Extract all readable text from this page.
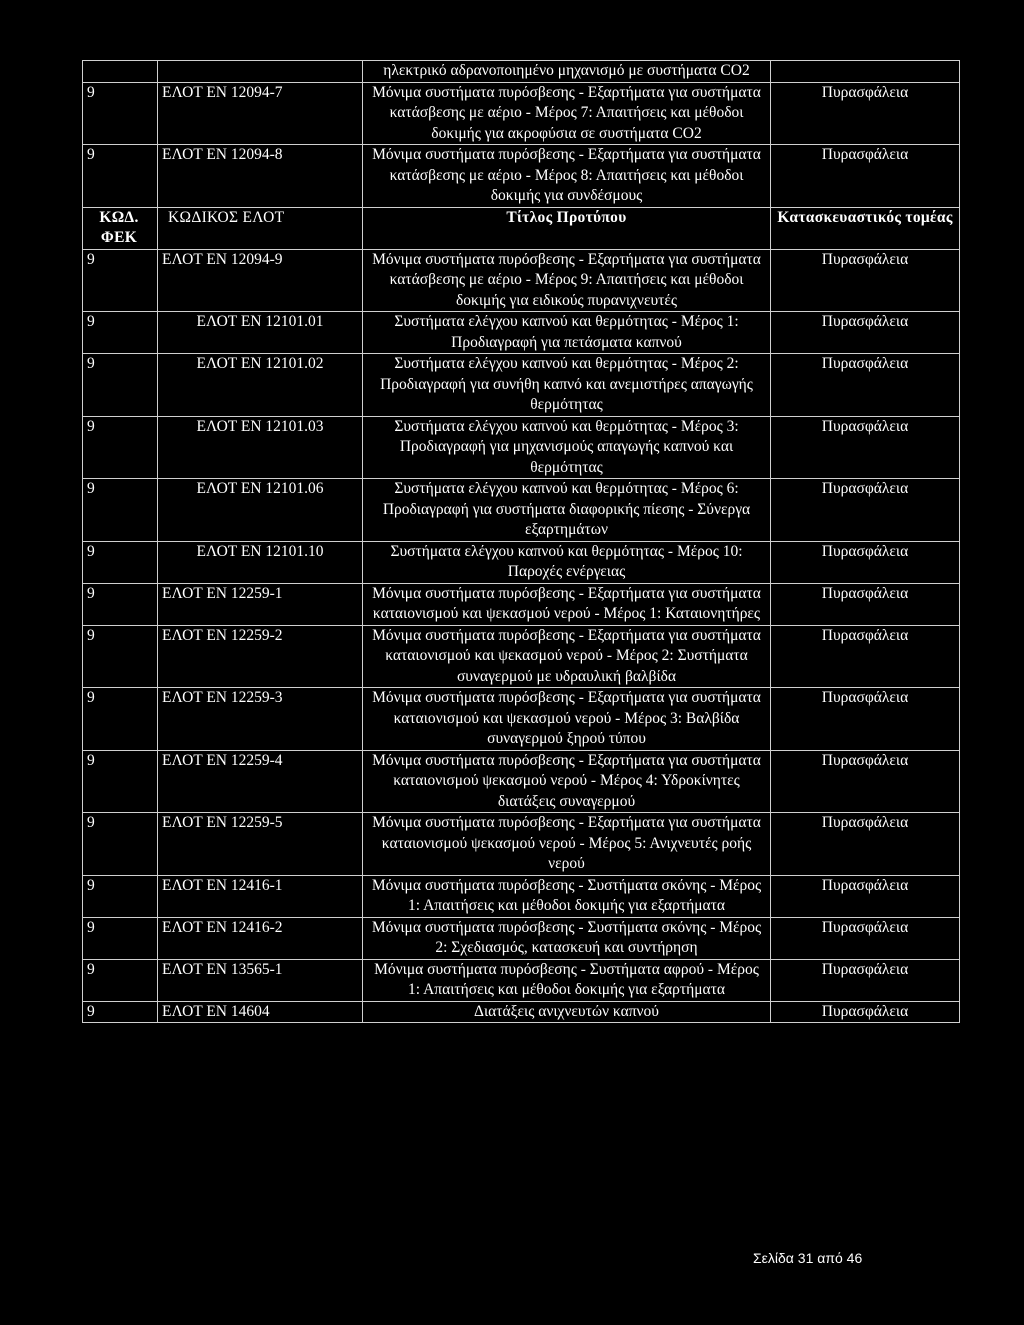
		ηλεκτρικό αδρανοποιημένο μηχανισμό με συστήματα CO2	
9	ΕΛΟΤ ΕΝ 12094-7	Μόνιμα συστήματα πυρόσβεσης - Εξαρτήματα για συστήματα κατάσβεσης με αέριο - Μέρος 7: Απαιτήσεις και μέθοδοι δοκιμής για ακροφύσια σε συστήματα CO2	Πυρασφάλεια
9	ΕΛΟΤ ΕΝ 12094-8	Μόνιμα συστήματα πυρόσβεσης - Εξαρτήματα για συστήματα κατάσβεσης με αέριο - Μέρος 8: Απαιτήσεις και μέθοδοι δοκιμής για συνδέσμους	Πυρασφάλεια
ΚΩΔ. ΦΕΚ	ΚΩΔΙΚΟΣ ΕΛΟΤ	Τίτλος Προτύπου	Κατασκευαστικός τομέας
9	ΕΛΟΤ ΕΝ 12094-9	Μόνιμα συστήματα πυρόσβεσης - Εξαρτήματα για συστήματα κατάσβεσης με αέριο - Μέρος 9: Απαιτήσεις και μέθοδοι δοκιμής για ειδικούς πυρανιχνευτές	Πυρασφάλεια
9	ΕΛΟΤ ΕΝ 12101.01	Συστήματα ελέγχου καπνού και θερμότητας - Μέρος 1: Προδιαγραφή για πετάσματα καπνού	Πυρασφάλεια
9	ΕΛΟΤ ΕΝ 12101.02	Συστήματα ελέγχου καπνού και θερμότητας - Μέρος 2: Προδιαγραφή για συνήθη καπνό και ανεμιστήρες απαγωγής θερμότητας	Πυρασφάλεια
9	ΕΛΟΤ ΕΝ 12101.03	Συστήματα ελέγχου καπνού και θερμότητας - Μέρος 3: Προδιαγραφή για μηχανισμούς απαγωγής καπνού και θερμότητας	Πυρασφάλεια
9	ΕΛΟΤ ΕΝ 12101.06	Συστήματα ελέγχου καπνού και θερμότητας - Μέρος 6: Προδιαγραφή για συστήματα διαφορικής πίεσης - Σύνεργα εξαρτημάτων	Πυρασφάλεια
9	ΕΛΟΤ ΕΝ 12101.10	Συστήματα ελέγχου καπνού και θερμότητας - Μέρος 10: Παροχές ενέργειας	Πυρασφάλεια
9	ΕΛΟΤ ΕΝ 12259-1	Μόνιμα συστήματα πυρόσβεσης - Εξαρτήματα για συστήματα καταιονισμού και ψεκασμού νερού - Μέρος 1: Καταιονητήρες	Πυρασφάλεια
9	ΕΛΟΤ ΕΝ 12259-2	Μόνιμα συστήματα πυρόσβεσης - Εξαρτήματα για συστήματα καταιονισμού και ψεκασμού νερού - Μέρος 2: Συστήματα συναγερμού με υδραυλική βαλβίδα	Πυρασφάλεια
9	ΕΛΟΤ ΕΝ 12259-3	Μόνιμα συστήματα πυρόσβεσης - Εξαρτήματα για συστήματα καταιονισμού και ψεκασμού νερού - Μέρος 3: Βαλβίδα συναγερμού ξηρού τύπου	Πυρασφάλεια
9	ΕΛΟΤ ΕΝ 12259-4	Μόνιμα συστήματα πυρόσβεσης - Εξαρτήματα για συστήματα καταιονισμού ψεκασμού νερού - Μέρος 4: Υδροκίνητες διατάξεις συναγερμού	Πυρασφάλεια
9	ΕΛΟΤ ΕΝ 12259-5	Μόνιμα συστήματα πυρόσβεσης - Εξαρτήματα για συστήματα καταιονισμού ψεκασμού νερού - Μέρος 5: Ανιχνευτές ροής νερού	Πυρασφάλεια
9	ΕΛΟΤ ΕΝ 12416-1	Μόνιμα συστήματα πυρόσβεσης - Συστήματα σκόνης - Μέρος 1: Απαιτήσεις και μέθοδοι δοκιμής για εξαρτήματα	Πυρασφάλεια
9	ΕΛΟΤ ΕΝ 12416-2	Μόνιμα συστήματα πυρόσβεσης - Συστήματα σκόνης - Μέρος 2: Σχεδιασμός, κατασκευή και συντήρηση	Πυρασφάλεια
9	ΕΛΟΤ ΕΝ 13565-1	Μόνιμα συστήματα πυρόσβεσης - Συστήματα αφρού - Μέρος 1: Απαιτήσεις και μέθοδοι δοκιμής για εξαρτήματα	Πυρασφάλεια
9	ΕΛΟΤ ΕΝ 14604	Διατάξεις ανιχνευτών καπνού	Πυρασφάλεια
Σελίδα 31 από 46
